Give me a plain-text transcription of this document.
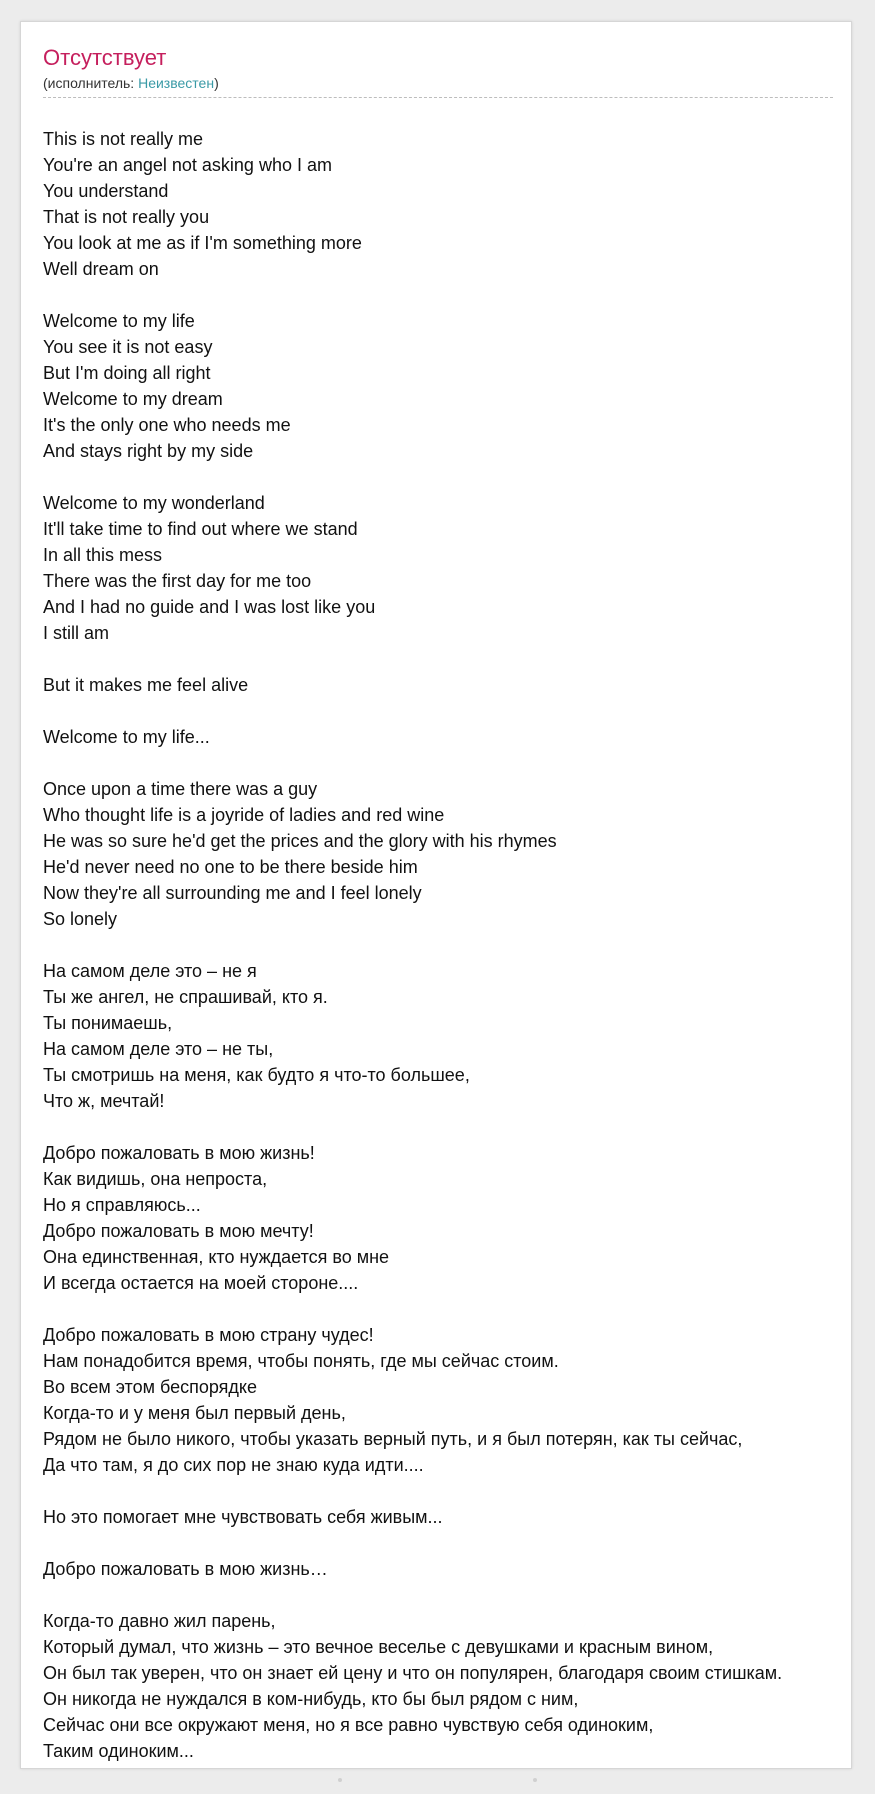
Отсутствует
(исполнитель: Неизвестен)
This is not really me
You're an angel not asking who I am
You understand
That is not really you
You look at me as if I'm something more
Well dream on
Welcome to my life
You see it is not easy
But I'm doing all right
Welcome to my dream
It's the only one who needs me
And stays right by my side
Welcome to my wonderland
It'll take time to find out where we stand
In all this mess
There was the first day for me too
And I had no guide and I was lost like you
I still am
But it makes me feel alive
Welcome to my life...
Once upon a time there was a guy
Who thought life is a joyride of ladies and red wine
He was so sure he'd get the prices and the glory with his rhymes
He'd never need no one to be there beside him
Now they're all surrounding me and I feel lonely
So lonely
На самом деле это – не я
Ты же ангел, не спрашивай, кто я.
Ты понимаешь,
На самом деле это – не ты,
Ты смотришь на меня, как будто я что-то большее,
Что ж, мечтай!
Добро пожаловать в мою жизнь!
Как видишь, она непроста,
Но я справляюсь...
Добро пожаловать в мою мечту!
Она единственная, кто нуждается во мне
И всегда остается на моей стороне....
Добро пожаловать в мою страну чудес!
Нам понадобится время, чтобы понять, где мы сейчас стоим.
Во всем этом беспорядке
Когда-то и у меня был первый день,
Рядом не было никого, чтобы указать верный путь, и я был потерян, как ты сейчас,
Да что там, я до сих пор не знаю куда идти....
Но это помогает мне чувствовать себя живым...
Добро пожаловать в мою жизнь…
Когда-то давно жил парень,
Который думал, что жизнь – это вечное веселье с девушками и красным вином,
Он был так уверен, что он знает ей цену и что он популярен, благодаря своим стишкам.
Он никогда не нуждался в ком-нибудь, кто бы был рядом с ним,
Сейчас они все окружают меня, но я все равно чувствую себя одиноким,
Таким одиноким...
